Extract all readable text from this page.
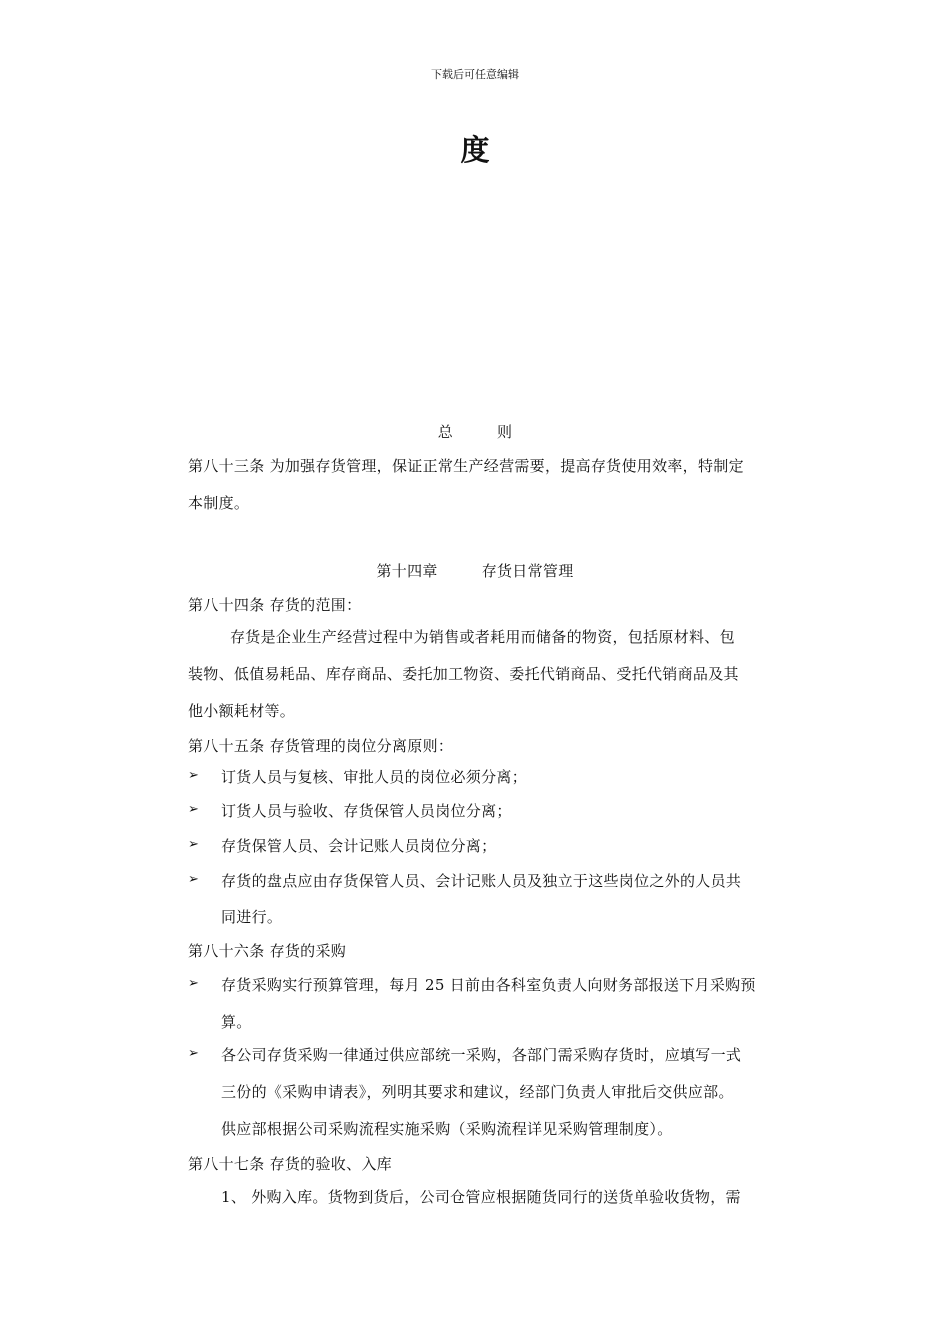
下载后可任意编辑
度
总	则
第八十三条 为加强存货管理，保证正常生产经营需要，提高存货使用效率，特制定
本制度。
第十四章	存货日常管理
第八十四条 存货的范围：
存货是企业生产经营过程中为销售或者耗用而储备的物资，包括原材料、包
装物、低值易耗品、库存商品、委托加工物资、委托代销商品、受托代销商品及其
他小额耗材等。
第八十五条 存货管理的岗位分离原则：
➢ 订货人员与复核、审批人员的岗位必须分离；
➢ 订货人员与验收、存货保管人员岗位分离；
➢ 存货保管人员、会计记账人员岗位分离；
➢ 存货的盘点应由存货保管人员、会计记账人员及独立于这些岗位之外的人员共
同进行。
第八十六条 存货的采购
➢ 存货采购实行预算管理，每月 25 日前由各科室负责人向财务部报送下月采购预
算。
➢ 各公司存货采购一律通过供应部统一采购，各部门需采购存货时，应填写一式
三份的《采购申请表》，列明其要求和建议，经部门负责人审批后交供应部。
供应部根据公司采购流程实施采购（采购流程详见采购管理制度）。
第八十七条 存货的验收、入库
1、 外购入库。货物到货后，公司仓管应根据随货同行的送货单验收货物，需
